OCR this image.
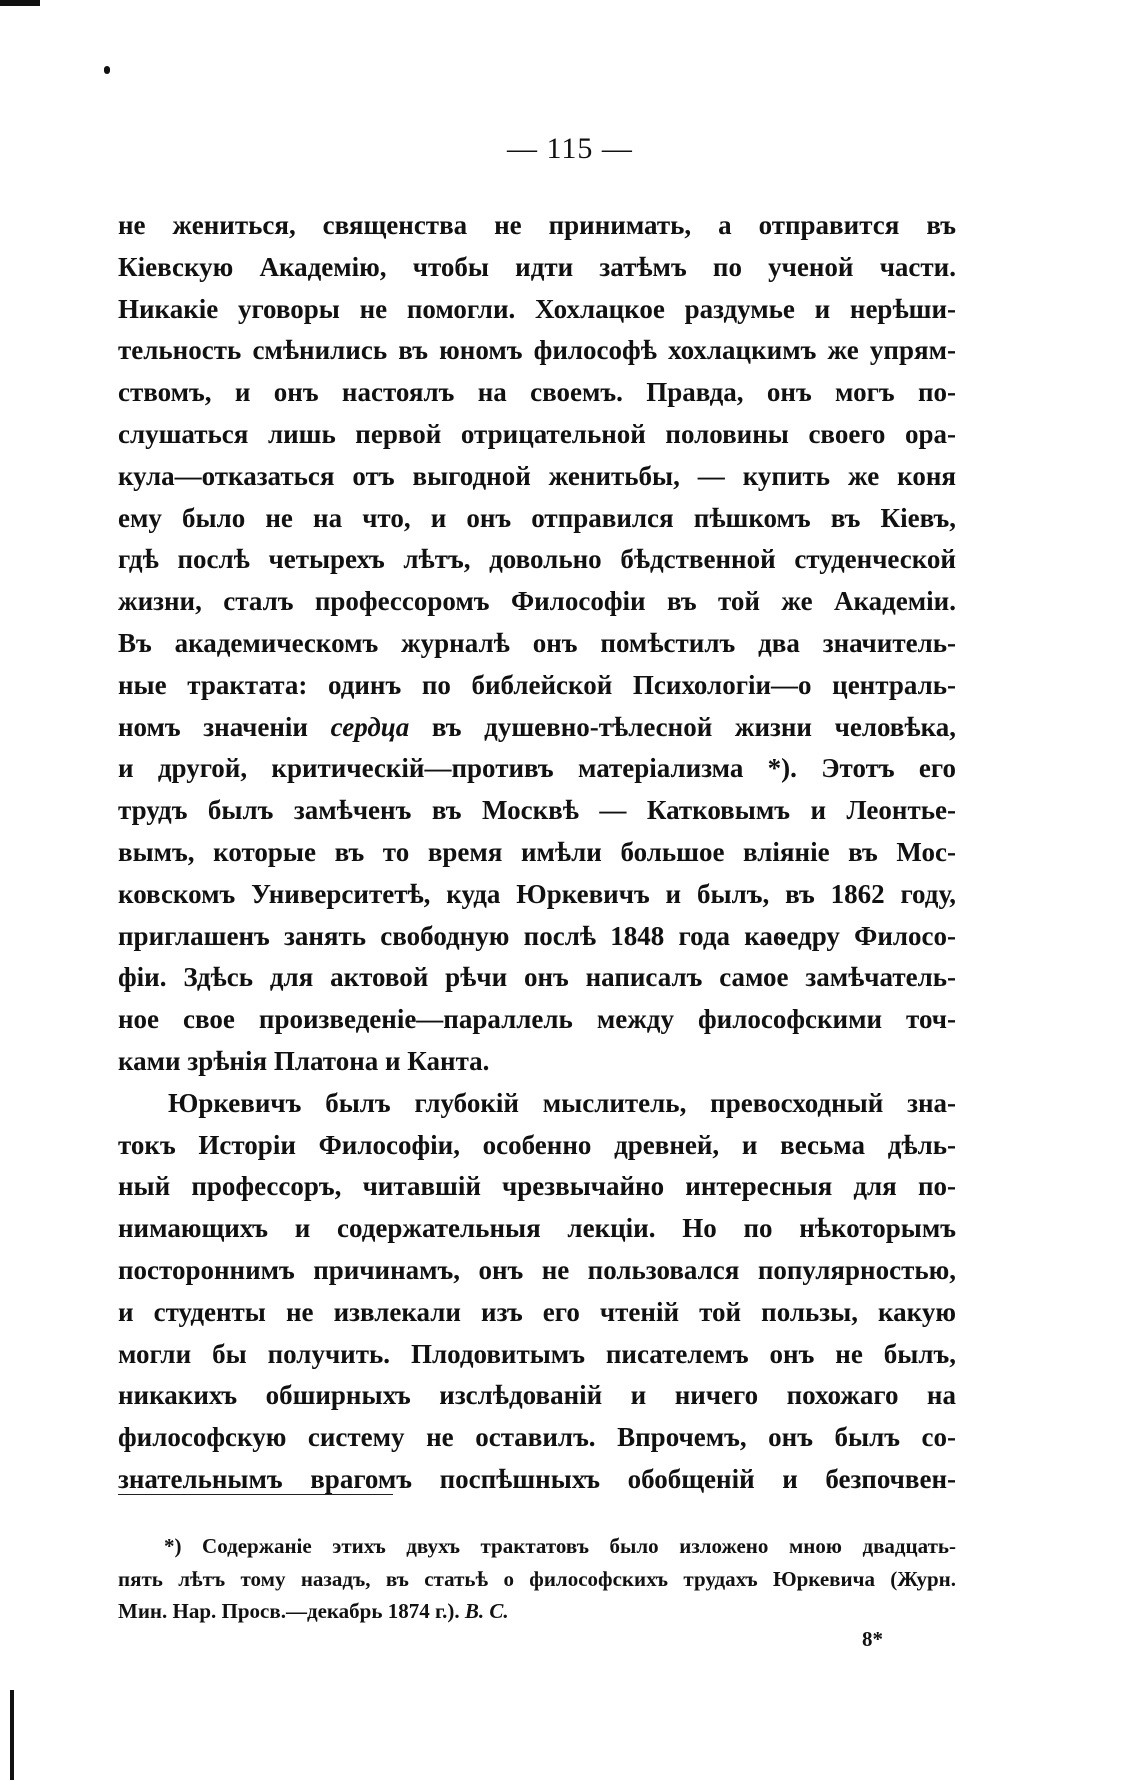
— 115 —
не жениться, священства не принимать, а отправится въ
Кіевскую Академію, чтобы идти затѣмъ по ученой части.
Никакіе уговоры не помогли. Хохлацкое раздумье и нерѣши-
тельность смѣнились въ юномъ философѣ хохлацкимъ же упрям-
ствомъ, и онъ настоялъ на своемъ. Правда, онъ могъ по-
слушаться лишь первой отрицательной половины своего ора-
кула—отказаться отъ выгодной женитьбы, — купить же коня
ему было не на что, и онъ отправился пѣшкомъ въ Кіевъ,
гдѣ послѣ четырехъ лѣтъ, довольно бѣдственной студенческой
жизни, сталъ профессоромъ Философіи въ той же Академіи.
Въ академическомъ журналѣ онъ помѣстилъ два значитель-
ные трактата: одинъ по библейской Психологіи—о централь-
номъ значеніи сердца въ душевно-тѣлесной жизни человѣка,
и другой, критическій—противъ матеріализма *). Этотъ его
трудъ былъ замѣченъ въ Москвѣ — Катковымъ и Леонтье-
вымъ, которые въ то время имѣли большое вліяніе въ Мос-
ковскомъ Университетѣ, куда Юркевичъ и былъ, въ 1862 году,
приглашенъ занять свободную послѣ 1848 года каѳедру Филосо-
фіи. Здѣсь для актовой рѣчи онъ написалъ самое замѣчатель-
ное свое произведеніе—параллель между философскими точ-
ками зрѣнія Платона и Канта.
Юркевичъ былъ глубокій мыслитель, превосходный зна-
токъ Исторіи Философіи, особенно древней, и весьма дѣль-
ный профессоръ, читавшій чрезвычайно интересныя для по-
нимающихъ и содержательныя лекціи. Но по нѣкоторымъ
постороннимъ причинамъ, онъ не пользовался популярностью,
и студенты не извлекали изъ его чтеній той пользы, какую
могли бы получить. Плодовитымъ писателемъ онъ не былъ,
никакихъ обширныхъ изслѣдованій и ничего похожаго на
философскую систему не оставилъ. Впрочемъ, онъ былъ со-
знательнымъ врагомъ поспѣшныхъ обобщеній и безпочвен-
*) Содержаніе этихъ двухъ трактатовъ было изложено мною двадцать-
пять лѣтъ тому назадъ, въ статьѣ о философскихъ трудахъ Юркевича (Журн.
Мин. Нар. Просв.—декабрь 1874 г.). В. С.
8*
